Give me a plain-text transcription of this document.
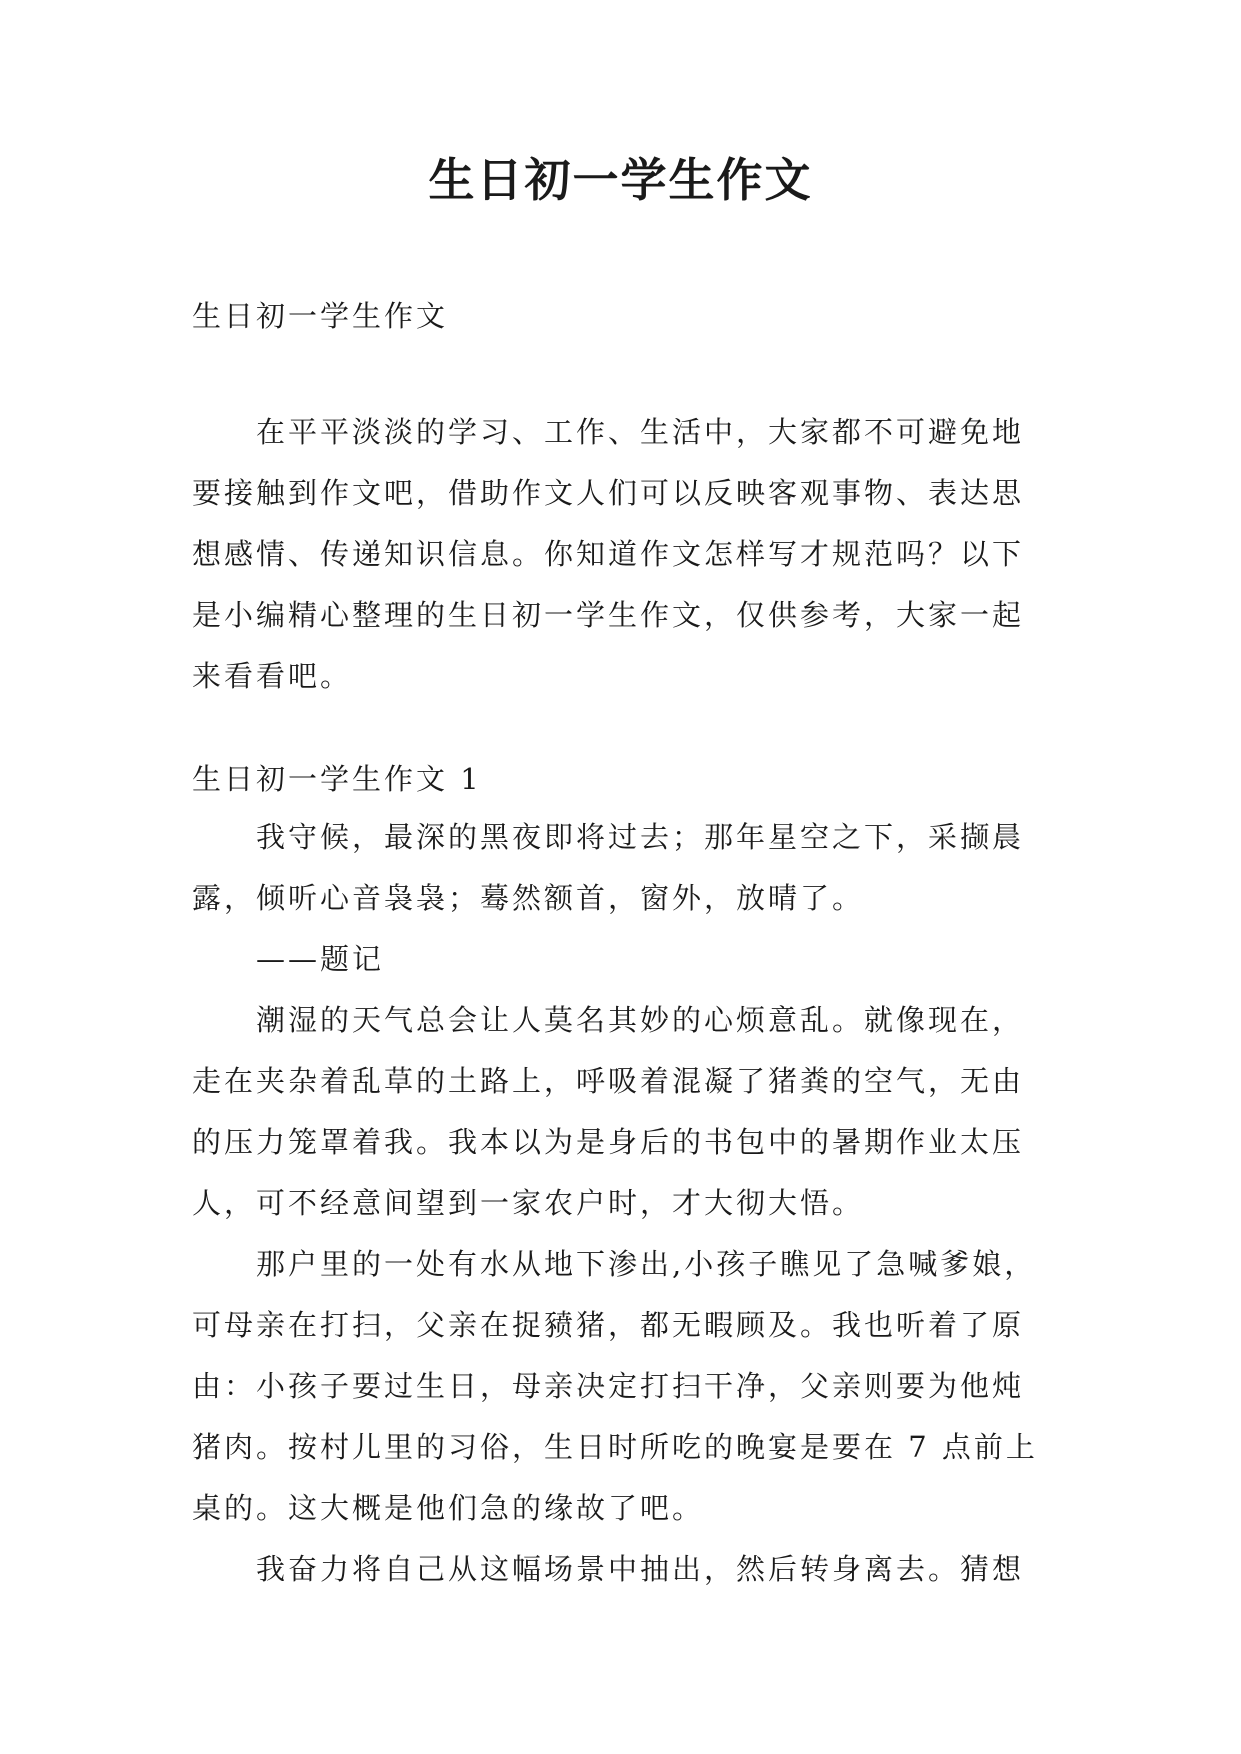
生日初一学生作文
生日初一学生作文

在平平淡淡的学习、工作、生活中，大家都不可避免地要接触到作文吧，借助作文人们可以反映客观事物、表达思想感情、传递知识信息。你知道作文怎样写才规范吗？以下是小编精心整理的生日初一学生作文，仅供参考，大家一起来看看吧。

生日初一学生作文 1

我守候，最深的黑夜即将过去；那年星空之下，采撷晨露，倾听心音袅袅；蓦然额首，窗外，放晴了。

——题记

潮湿的天气总会让人莫名其妙的心烦意乱。就像现在，走在夹杂着乱草的土路上，呼吸着混凝了猪粪的空气，无由的压力笼罩着我。我本以为是身后的书包中的暑期作业太压人，可不经意间望到一家农户时，才大彻大悟。

那户里的一处有水从地下渗出,小孩子瞧见了急喊爹娘，可母亲在打扫，父亲在捉豮猪，都无暇顾及。我也听着了原由：小孩子要过生日，母亲决定打扫干净，父亲则要为他炖猪肉。按村儿里的习俗，生日时所吃的晚宴是要在 7 点前上桌的。这大概是他们急的缘故了吧。

我奋力将自己从这幅场景中抽出，然后转身离去。猜想
